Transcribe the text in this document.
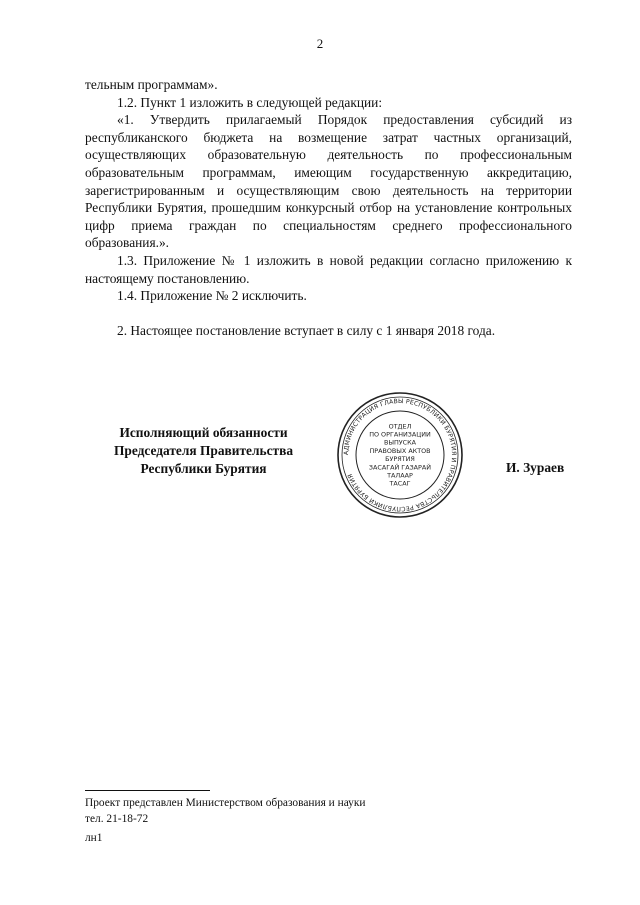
2

тельным программам».

1.2. Пункт 1 изложить в следующей редакции:

«1. Утвердить прилагаемый Порядок предоставления субсидий из республиканского бюджета на возмещение затрат частных организаций, осуществляющих образовательную деятельность по профессиональным образовательным программам, имеющим государственную аккредитацию, зарегистрированным и осуществляющим свою деятельность на территории Республики Бурятия, прошедшим конкурсный отбор на установление контрольных цифр приема граждан по специальностям среднего профессионального образования.».

1.3. Приложение № 1 изложить в новой редакции согласно приложению к настоящему постановлению.

1.4. Приложение № 2 исключить.

2. Настоящее постановление вступает в силу с 1 января 2018 года.

Исполняющий обязанности
Председателя Правительства
Республики Бурятия
АДМИНИСТРАЦИЯ ГЛАВЫ РЕСПУБЛИКИ БУРЯТИЯ И ПРАВИТЕЛЬСТВА РЕСПУБЛИКИ БУРЯТИЯ
ОТДЕЛ
ПО ОРГАНИЗАЦИИ
ВЫПУСКА
ПРАВОВЫХ АКТОВ
БУРЯТИЯ
ЗАСАГАЙ ГАЗАРАЙ
ТАЛААР
ТАСАГ
И. Зураев
Проект представлен Министерством образования и науки
тел. 21-18-72
лн1
